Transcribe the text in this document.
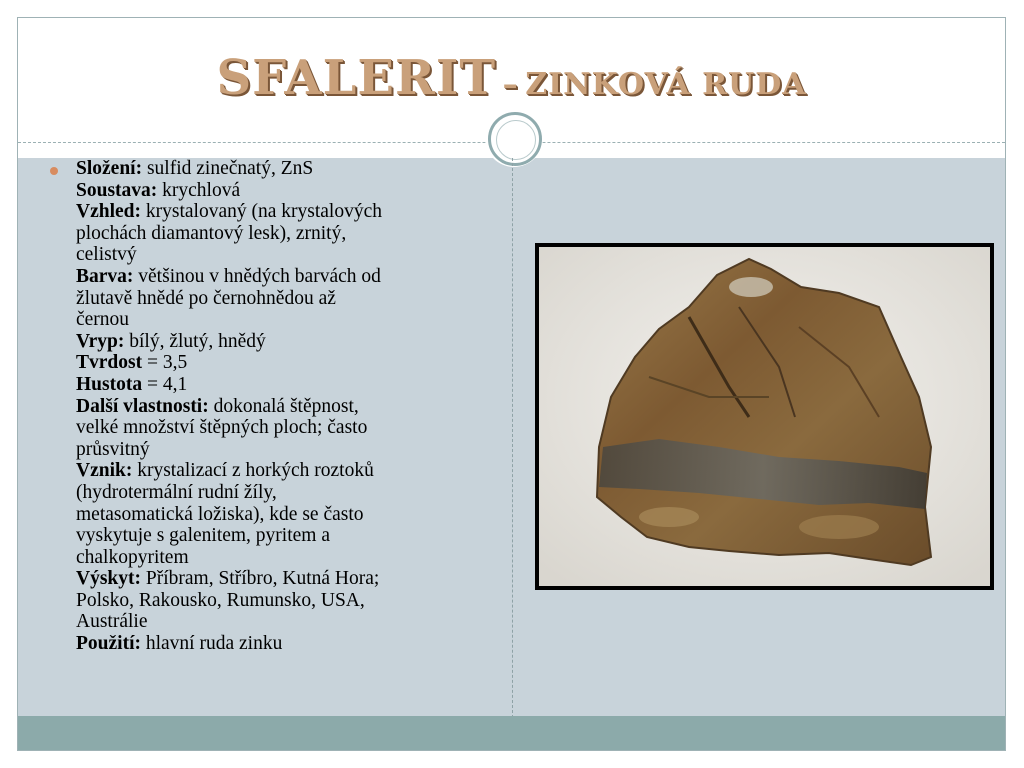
SFALERIT – ZINKOVÁ RUDA
Složení: sulfid zinečnatý, ZnS
Soustava: krychlová
Vzhled: krystalovaný (na krystalových
plochách diamantový lesk), zrnitý,
celistvý
Barva: většinou v hnědých barvách od
žlutavě hnědé po černohnědou až
černou
Vryp: bílý, žlutý, hnědý
Tvrdost = 3,5
Hustota = 4,1
Další vlastnosti: dokonalá štěpnost,
velké množství štěpných ploch; často
průsvitný
Vznik: krystalizací z horkých roztoků
(hydrotermální rudní žíly,
metasomatická ložiska), kde se často
vyskytuje s galenitem, pyritem a
chalkopyritem
Výskyt: Příbram, Stříbro, Kutná Hora;
Polsko, Rakousko, Rumunsko, USA,
Austrálie
Použití: hlavní ruda zinku
